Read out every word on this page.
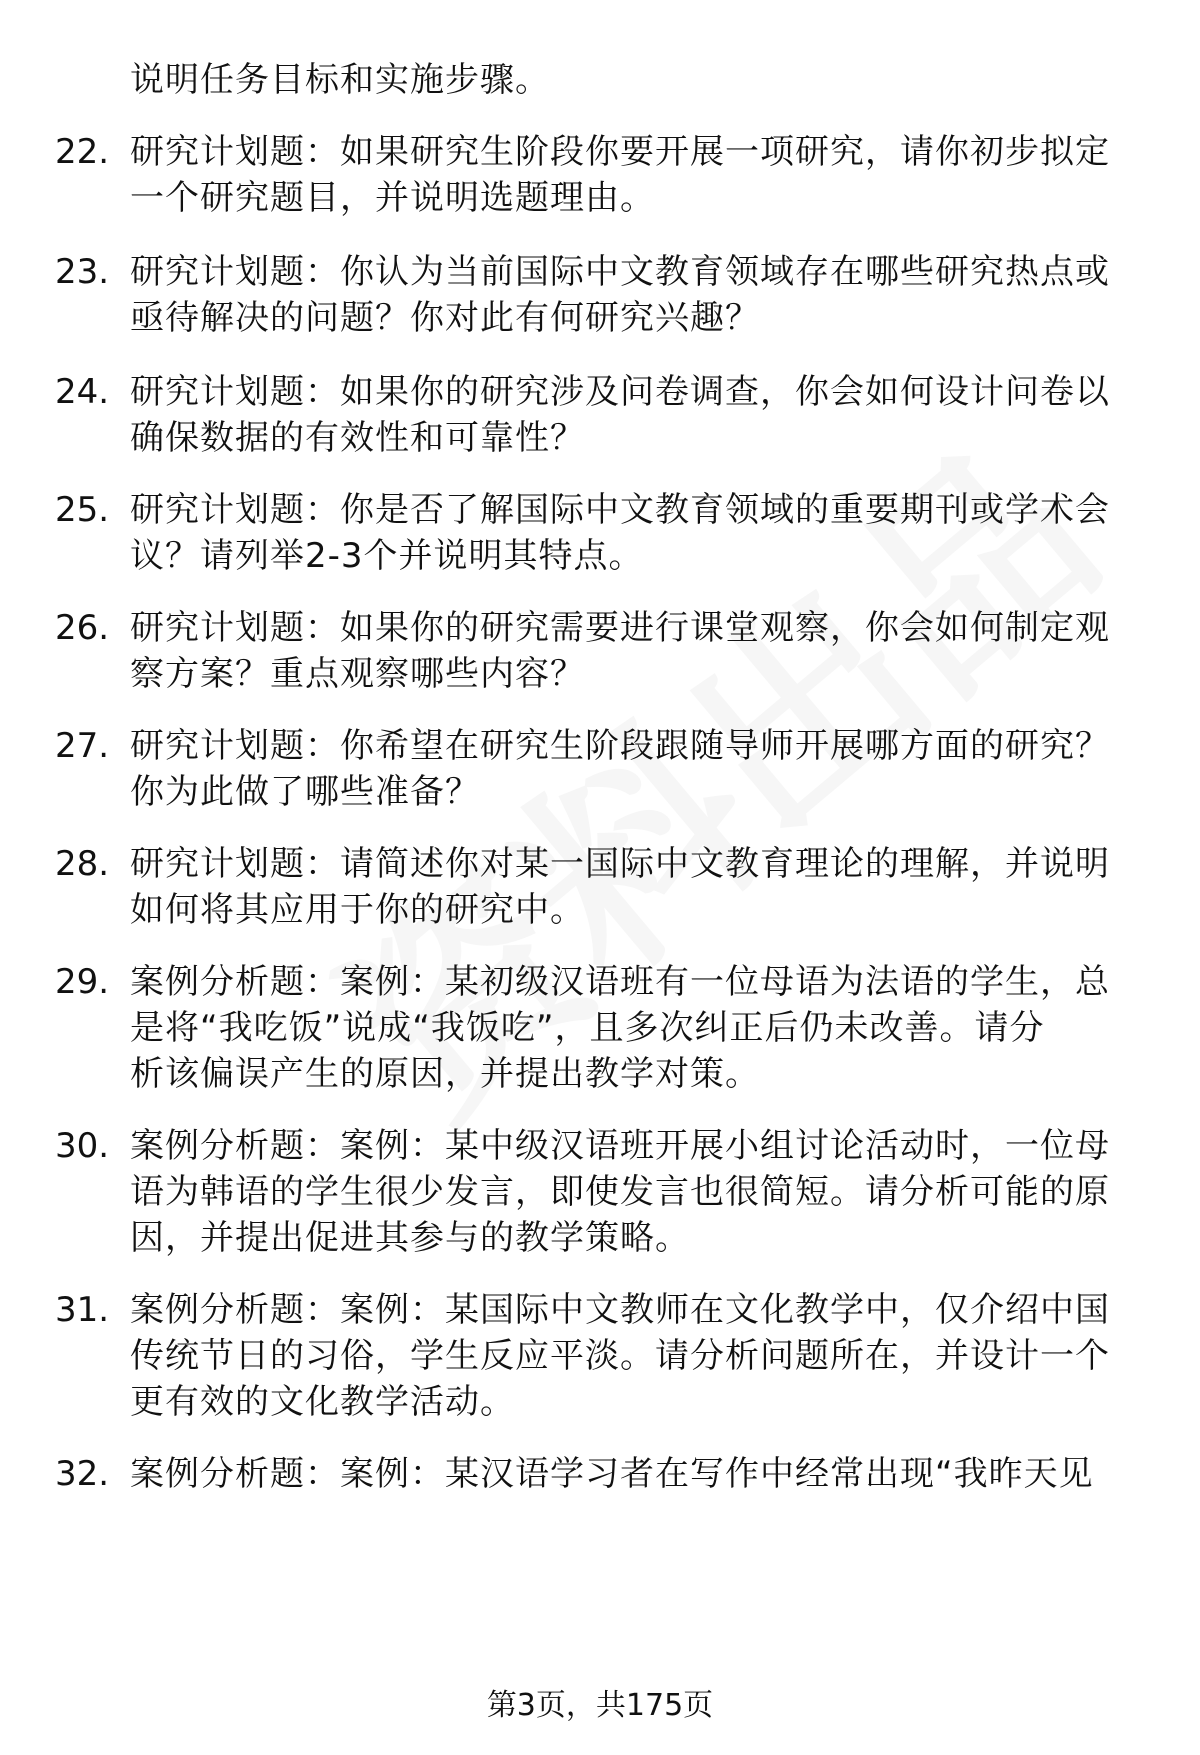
说明任务目标和实施步骤。
22. 研究计划题：如果研究生阶段你要开展一项研究，请你初步拟定
一个研究题目，并说明选题理由。
23. 研究计划题：你认为当前国际中文教育领域存在哪些研究热点或
亟待解决的问题？你对此有何研究兴趣？
24. 研究计划题：如果你的研究涉及问卷调查，你会如何设计问卷以
确保数据的有效性和可靠性？
25. 研究计划题：你是否了解国际中文教育领域的重要期刊或学术会
议？请列举2-3个并说明其特点。
26. 研究计划题：如果你的研究需要进行课堂观察，你会如何制定观
察方案？重点观察哪些内容？
27. 研究计划题：你希望在研究生阶段跟随导师开展哪方面的研究？
你为此做了哪些准备？
28. 研究计划题：请简述你对某一国际中文教育理论的理解，并说明
如何将其应用于你的研究中。
29. 案例分析题：案例：某初级汉语班有一位母语为法语的学生，总
是将“我吃饭”说成“我饭吃”，且多次纠正后仍未改善。请分
析该偏误产生的原因，并提出教学对策。
30. 案例分析题：案例：某中级汉语班开展小组讨论活动时，一位母
语为韩语的学生很少发言，即使发言也很简短。请分析可能的原
因，并提出促进其参与的教学策略。
31. 案例分析题：案例：某国际中文教师在文化教学中，仅介绍中国
传统节日的习俗，学生反应平淡。请分析问题所在，并设计一个
更有效的文化教学活动。
32. 案例分析题：案例：某汉语学习者在写作中经常出现“我昨天见
第3页，共175页
